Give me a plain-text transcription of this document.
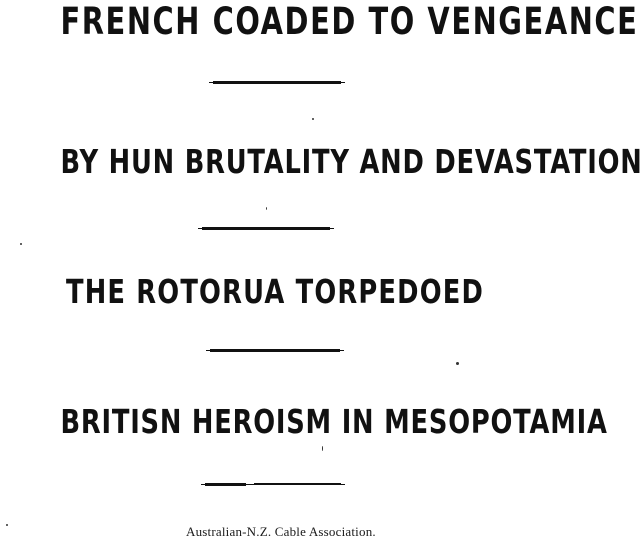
FRENCH COADED TO VENGEANCE
BY HUN BRUTALITY AND DEVASTATION
THE ROTORUA TORPEDOED
BRITISN HEROISM IN MESOPOTAMIA
Australian-N.Z. Cable Association.
